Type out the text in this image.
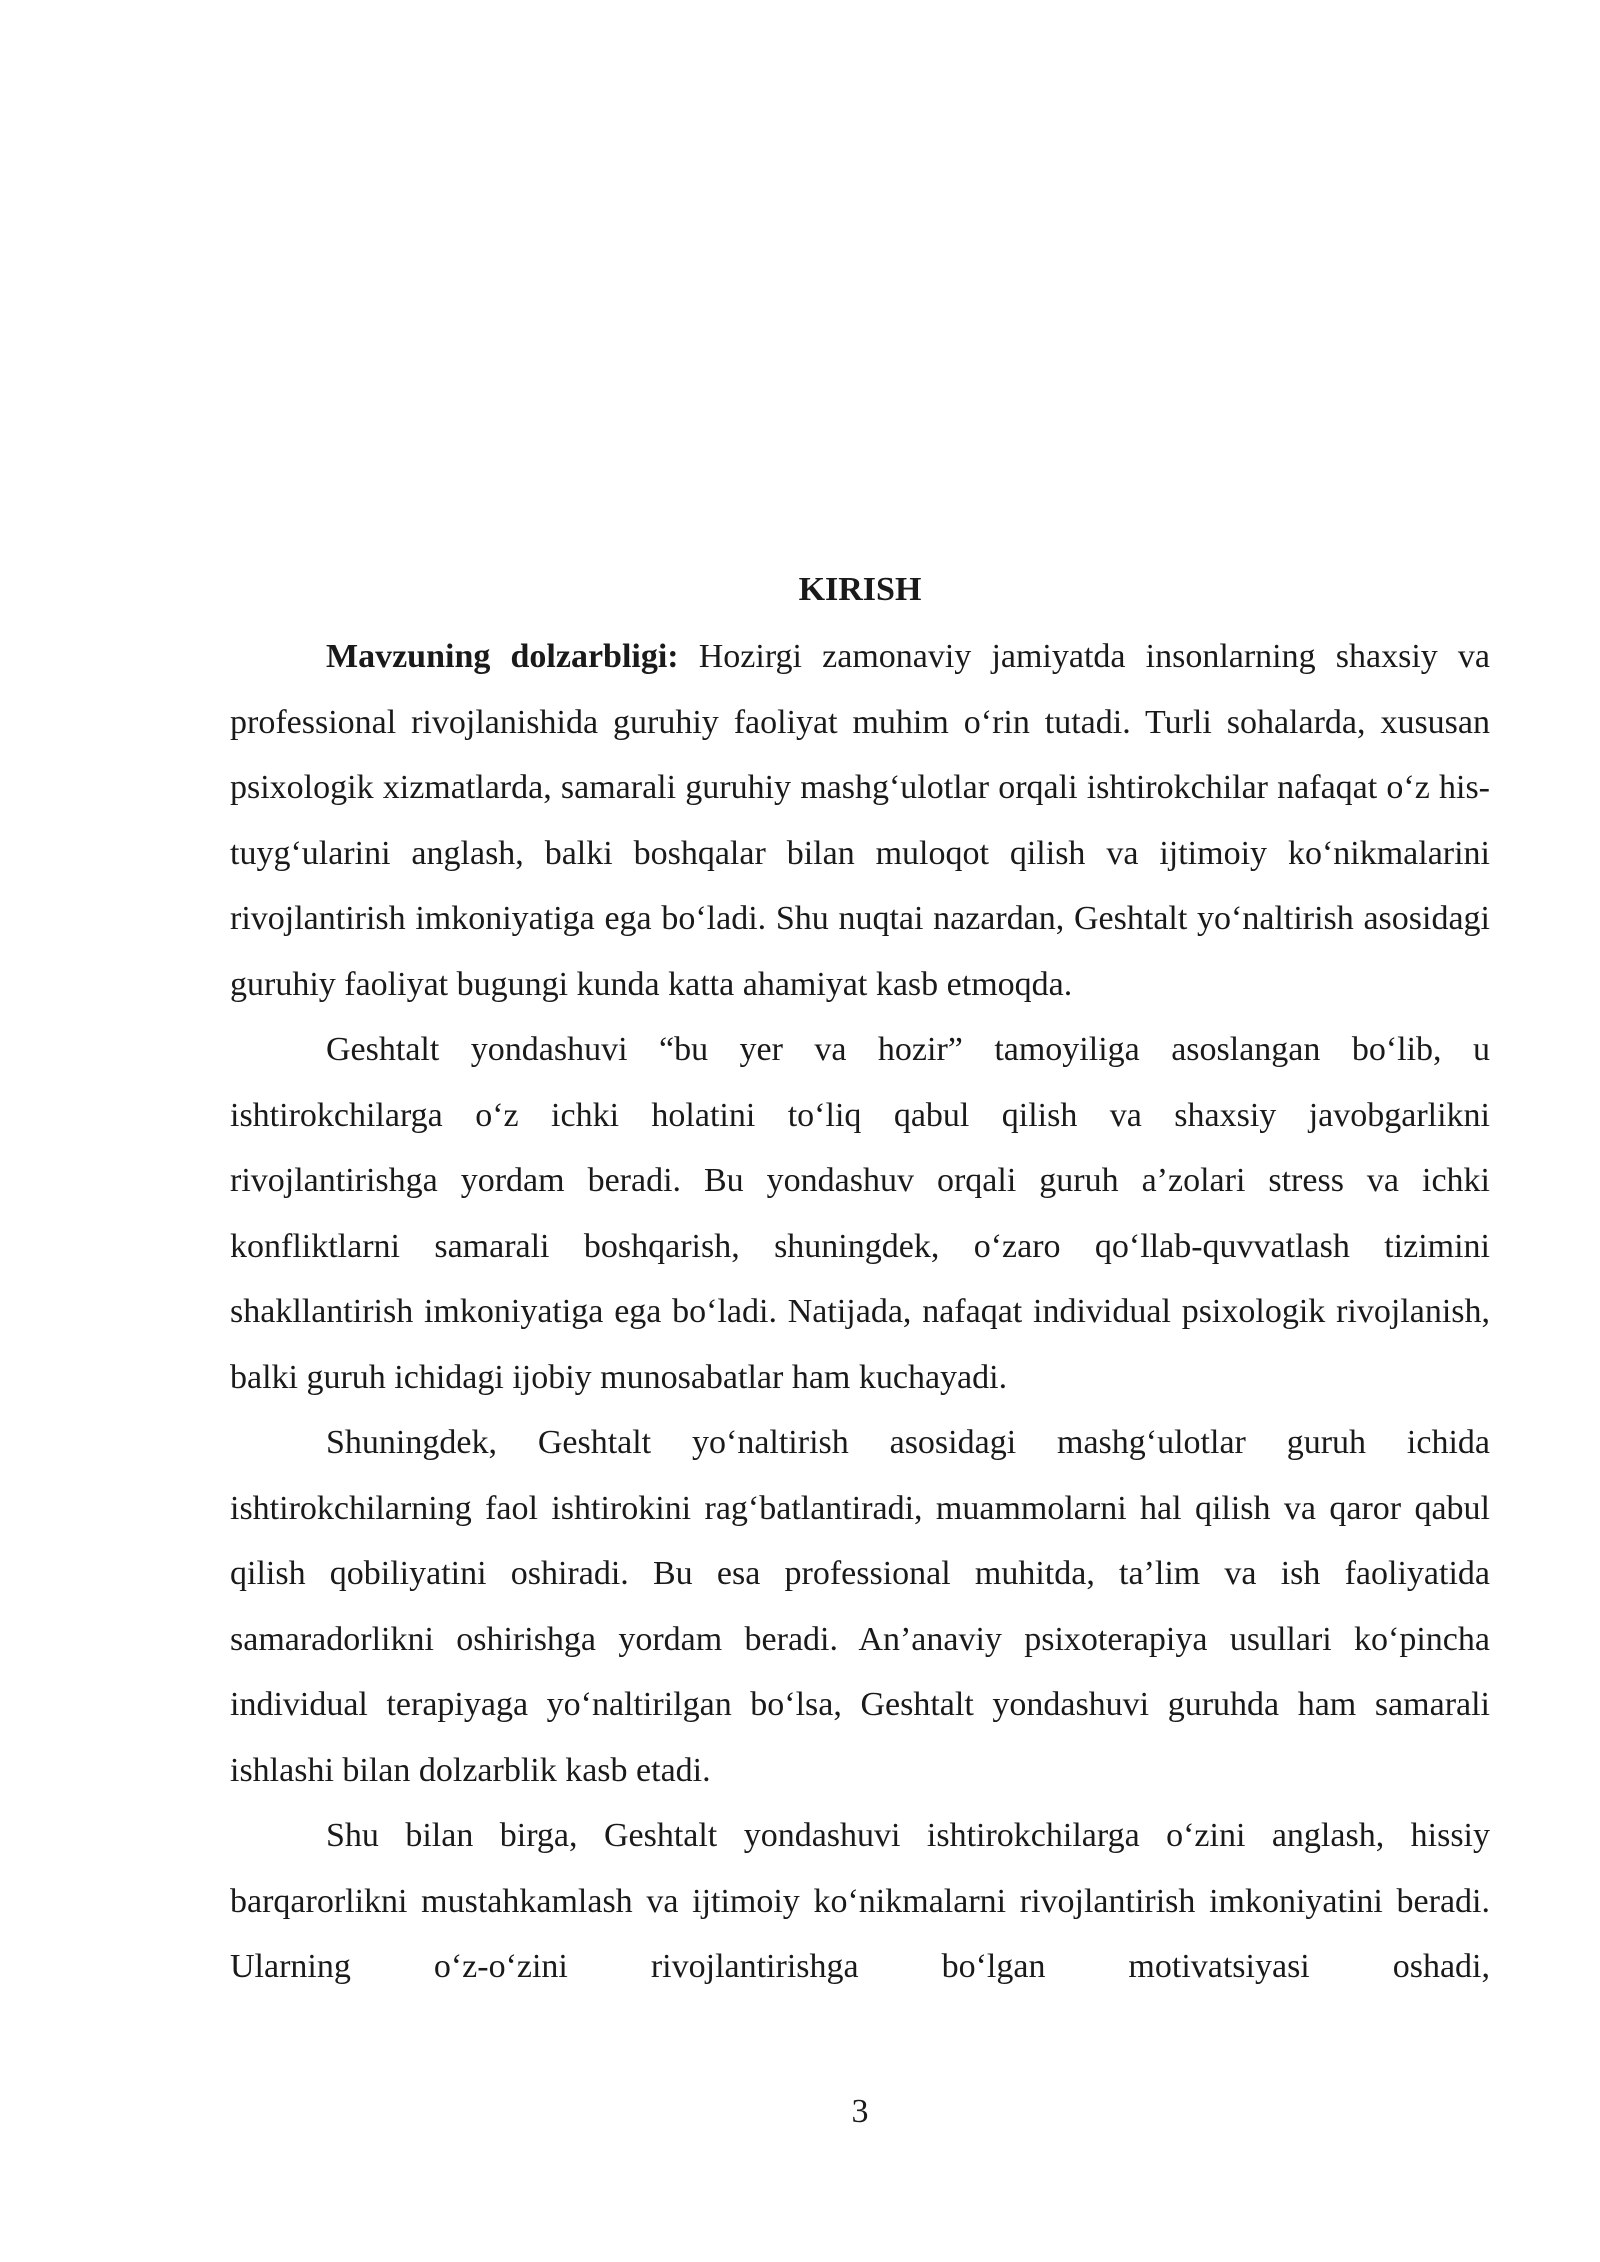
KIRISH

Mavzuning dolzarbligi: Hozirgi zamonaviy jamiyatda insonlarning shaxsiy va professional rivojlanishida guruhiy faoliyat muhim o‘rin tutadi. Turli sohalarda, xususan psixologik xizmatlarda, samarali guruhiy mashg‘ulotlar orqali ishtirokchilar nafaqat o‘z his-tuyg‘ularini anglash, balki boshqalar bilan muloqot qilish va ijtimoiy ko‘nikmalarini rivojlantirish imkoniyatiga ega bo‘ladi. Shu nuqtai nazardan, Geshtalt yo‘naltirish asosidagi guruhiy faoliyat bugungi kunda katta ahamiyat kasb etmoqda.

Geshtalt yondashuvi “bu yer va hozir” tamoyiliga asoslangan bo‘lib, u ishtirokchilarga o‘z ichki holatini to‘liq qabul qilish va shaxsiy javobgarlikni rivojlantirishga yordam beradi. Bu yondashuv orqali guruh a’zolari stress va ichki konfliktlarni samarali boshqarish, shuningdek, o‘zaro qo‘llab-quvvatlash tizimini shakllantirish imkoniyatiga ega bo‘ladi. Natijada, nafaqat individual psixologik rivojlanish, balki guruh ichidagi ijobiy munosabatlar ham kuchayadi.

Shuningdek, Geshtalt yo‘naltirish asosidagi mashg‘ulotlar guruh ichida ishtirokchilarning faol ishtirokini rag‘batlantiradi, muammolarni hal qilish va qaror qabul qilish qobiliyatini oshiradi. Bu esa professional muhitda, ta’lim va ish faoliyatida samaradorlikni oshirishga yordam beradi. An’anaviy psixoterapiya usullari ko‘pincha individual terapiyaga yo‘naltirilgan bo‘lsa, Geshtalt yondashuvi guruhda ham samarali ishlashi bilan dolzarblik kasb etadi.

Shu bilan birga, Geshtalt yondashuvi ishtirokchilarga o‘zini anglash, hissiy barqarorlikni mustahkamlash va ijtimoiy ko‘nikmalarni rivojlantirish imkoniyatini beradi. Ularning o‘z-o‘zini rivojlantirishga bo‘lgan motivatsiyasi oshadi,

3
